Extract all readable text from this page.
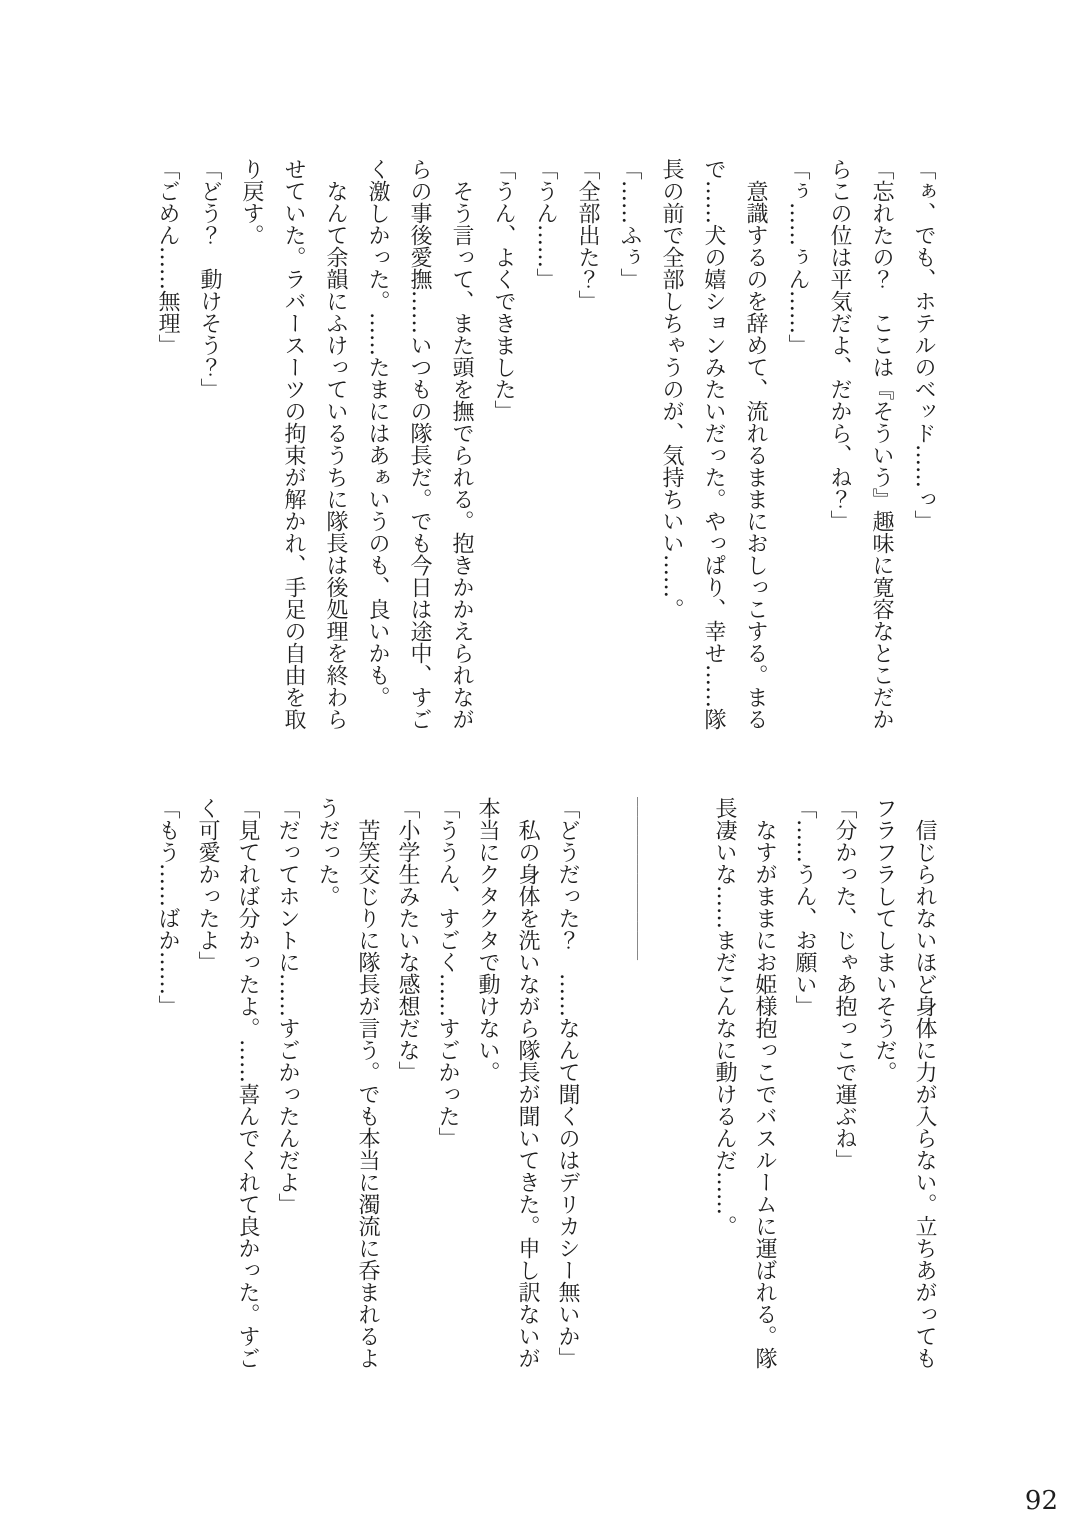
「ぁ、でも、ホテルのベッド……っ」

「忘れたの？　ここは『そういう』趣味に寛容なとこだか

らこの位は平気だよ、だから、ね？」

「ぅ……ぅん……」

　意識するのを辞めて、流れるままにおしっこする。まる

で……犬の嬉ションみたいだった。やっぱり、幸せ……隊

長の前で全部しちゃうのが、気持ちいい……。

「……ふぅ」

「全部出た？」

「うん……」

「うん、よくできました」

　そう言って、また頭を撫でられる。抱きかかえられなが

らの事後愛撫……いつもの隊長だ。でも今日は途中、すご

く激しかった。……たまにはあぁいうのも、良いかも。

　なんて余韻にふけっているうちに隊長は後処理を終わら

せていた。ラバースーツの拘束が解かれ、手足の自由を取

り戻す。

「どう？　動けそう？」

「ごめん……無理」

　信じられないほど身体に力が入らない。立ちあがっても

フラフラしてしまいそうだ。

「分かった、じゃあ抱っこで運ぶね」

「……うん、お願い」

　なすがままにお姫様抱っこでバスルームに運ばれる。隊

長凄いな……まだこんなに動けるんだ……。

―――――――――――――――――

「どうだった？　……なんて聞くのはデリカシー無いか」

　私の身体を洗いながら隊長が聞いてきた。申し訳ないが

本当にクタクタで動けない。

「ううん、すごく……すごかった」

「小学生みたいな感想だな」

　苦笑交じりに隊長が言う。でも本当に濁流に呑まれるよ

うだった。

「だってホントに……すごかったんだよ」

「見てれば分かったよ。……喜んでくれて良かった。すご

く可愛かったよ」

「もう……ばか……」

92
